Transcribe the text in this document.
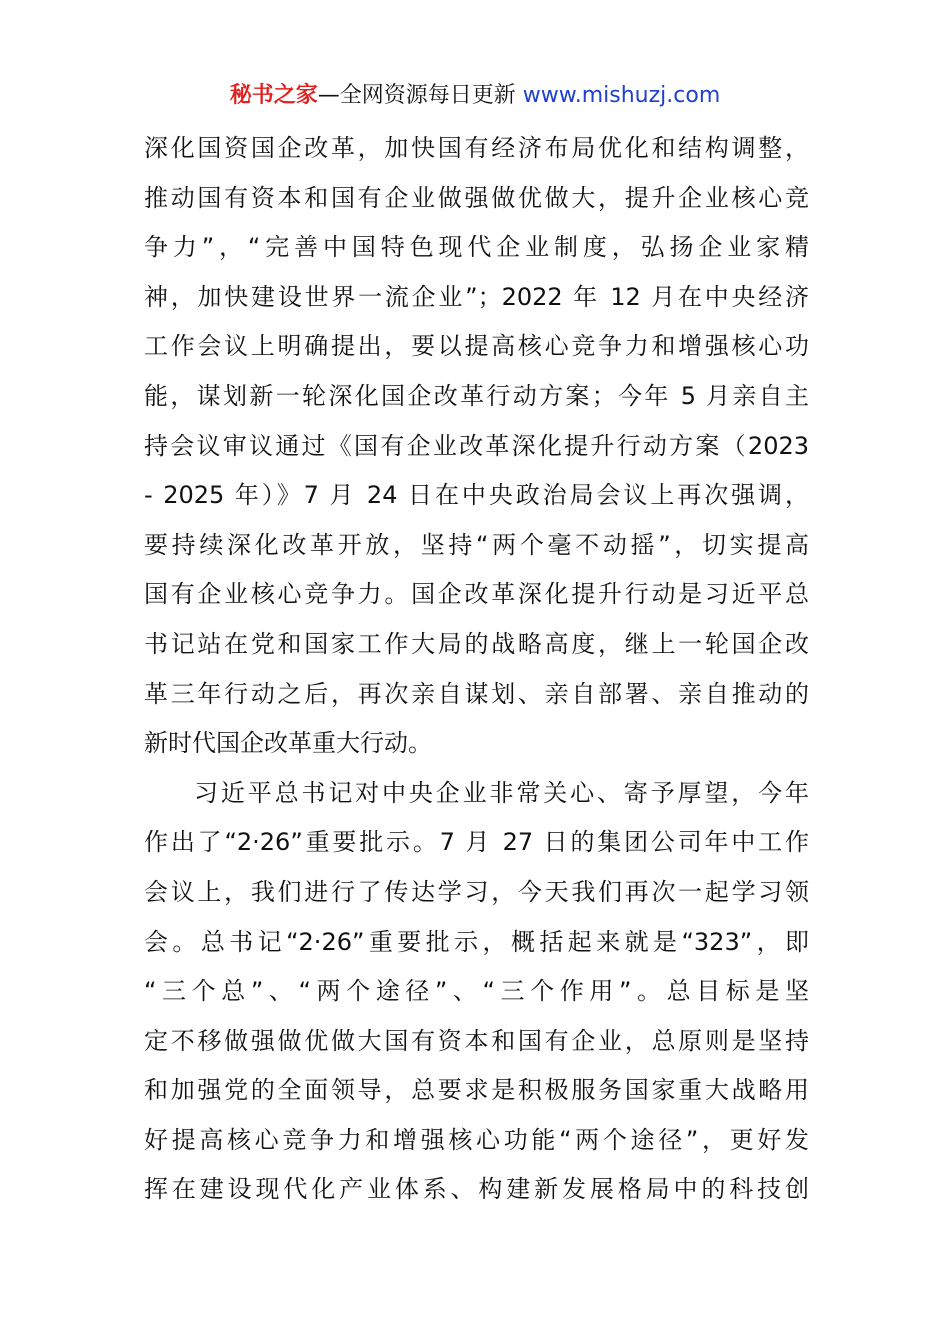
秘书之家—全网资源每日更新 www.mishuzj.com
深化国资国企改革，加快国有经济布局优化和结构调整，
推动国有资本和国有企业做强做优做大，提升企业核心竞
争力”，“完善中国特色现代企业制度，弘扬企业家精
神，加快建设世界一流企业”；2022 年 12 月在中央经济
工作会议上明确提出，要以提高核心竞争力和增强核心功
能，谋划新一轮深化国企改革行动方案；今年 5 月亲自主
持会议审议通过《国有企业改革深化提升行动方案（2023
- 2025 年）》7 月 24 日在中央政治局会议上再次强调，
要持续深化改革开放，坚持“两个毫不动摇”，切实提高
国有企业核心竞争力。国企改革深化提升行动是习近平总
书记站在党和国家工作大局的战略高度，继上一轮国企改
革三年行动之后，再次亲自谋划、亲自部署、亲自推动的
新时代国企改革重大行动。
习近平总书记对中央企业非常关心、寄予厚望，今年
作出了“2·26”重要批示。7 月 27 日的集团公司年中工作
会议上，我们进行了传达学习，今天我们再次一起学习领
会。总书记“2·26”重要批示，概括起来就是“323”，即
“三个总”、“两个途径”、“三个作用”。总目标是坚
定不移做强做优做大国有资本和国有企业，总原则是坚持
和加强党的全面领导，总要求是积极服务国家重大战略用
好提高核心竞争力和增强核心功能“两个途径”，更好发
挥在建设现代化产业体系、构建新发展格局中的科技创
